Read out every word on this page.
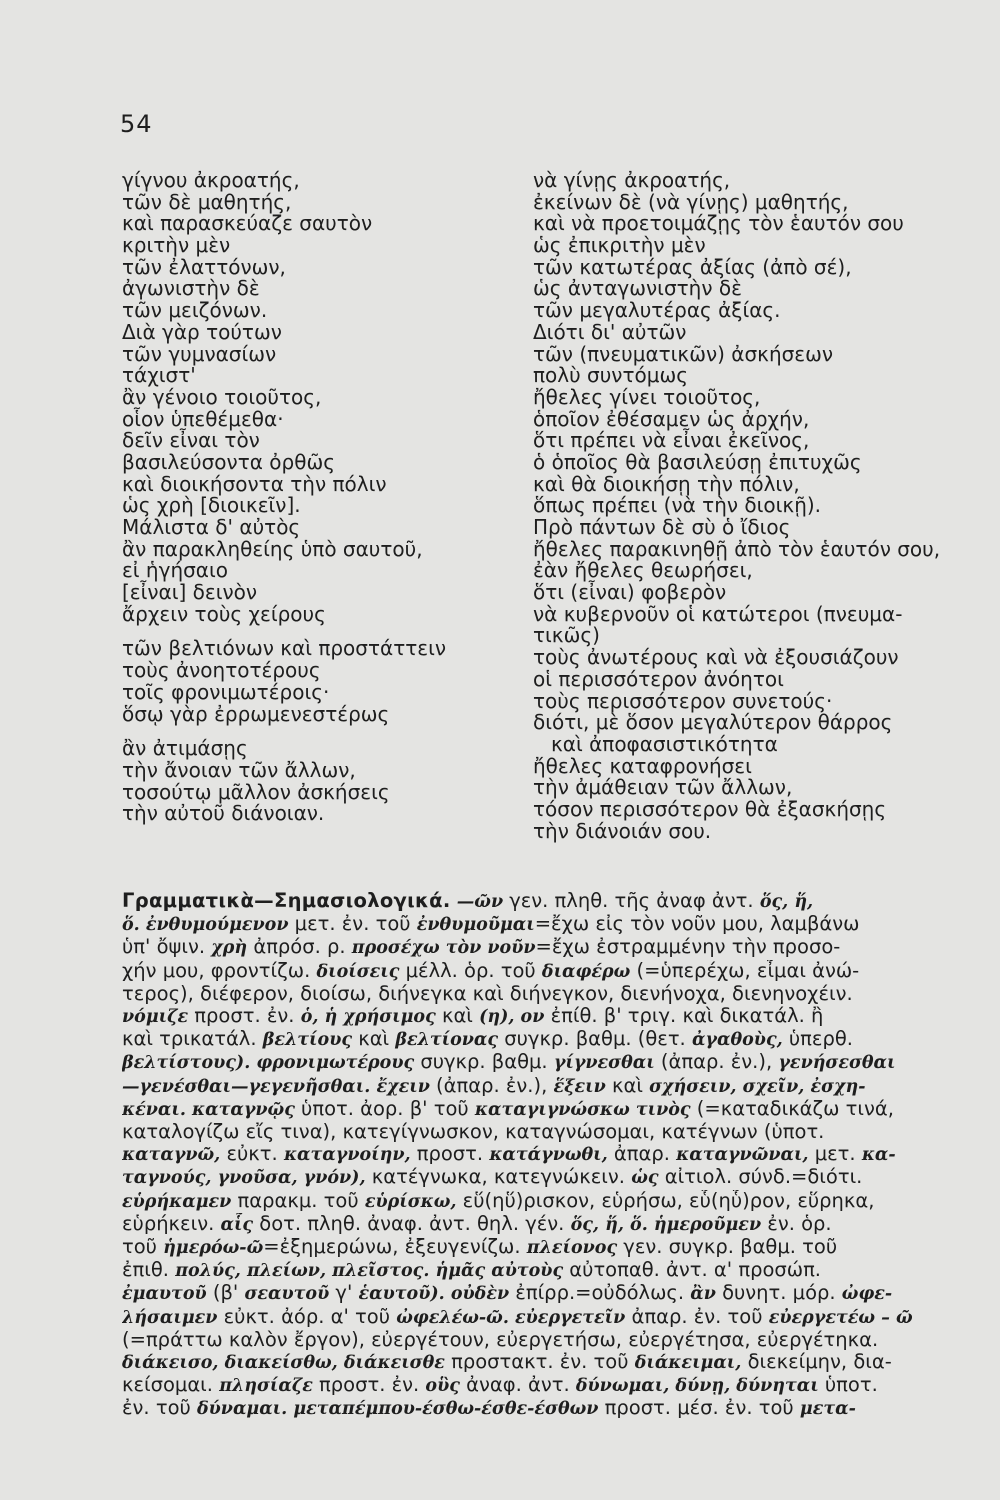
54
γίγνου ἀκροατής,
τῶν δὲ μαθητής,
καὶ παρασκεύαζε σαυτὸν
κριτὴν μὲν
τῶν ἐλαττόνων,
ἀγωνιστὴν δὲ
τῶν μειζόνων.
Διὰ γὰρ τούτων
τῶν γυμνασίων
τάχιστ'
ἂν γένοιο τοιοῦτος,
οἷον ὑπεθέμεθα·
δεῖν εἶναι τὸν
βασιλεύσοντα ὀρθῶς
καὶ διοικήσοντα τὴν πόλιν
ὡς χρὴ [διοικεῖν].
Μάλιστα δ' αὐτὸς
ἂν παρακληθείης ὑπὸ σαυτοῦ,
εἰ ἡγήσαιο
[εἶναι] δεινὸν
ἄρχειν τοὺς χείρους
τῶν βελτιόνων καὶ προστάττειν
τοὺς ἀνοητοτέρους
τοῖς φρονιμωτέροις·
ὅσῳ γὰρ ἐρρωμενεστέρως
ἂν ἀτιμάσῃς
τὴν ἄνοιαν τῶν ἄλλων,
τοσούτῳ μᾶλλον ἀσκήσεις
τὴν αὐτοῦ διάνοιαν.
νὰ γίνῃς ἀκροατής,
ἐκείνων δὲ (νὰ γίνῃς) μαθητής,
καὶ νὰ προετοιμάζῃς τὸν ἑαυτόν σου
ὡς ἐπικριτὴν μὲν
τῶν κατωτέρας ἀξίας (ἀπὸ σέ),
ὡς ἀνταγωνιστὴν δὲ
τῶν μεγαλυτέρας ἀξίας.
Διότι δι' αὐτῶν
τῶν (πνευματικῶν) ἀσκήσεων
πολὺ συντόμως
ἤθελες γίνει τοιοῦτος,
ὁποῖον ἐθέσαμεν ὡς ἀρχήν,
ὅτι πρέπει νὰ εἶναι ἐκεῖνος,
ὁ ὁποῖος θὰ βασιλεύσῃ ἐπιτυχῶς
καὶ θὰ διοικήσῃ τὴν πόλιν,
ὅπως πρέπει (νὰ τὴν διοικῇ).
Πρὸ πάντων δὲ σὺ ὁ ἴδιος
ἤθελες παρακινηθῇ ἀπὸ τὸν ἑαυτόν σου,
ἐὰν ἤθελες θεωρήσει,
ὅτι (εἶναι) φοβερὸν
νὰ κυβερνοῦν οἱ κατώτεροι (πνευμα-
τικῶς)
τοὺς ἀνωτέρους καὶ νὰ ἐξουσιάζουν
οἱ περισσότερον ἀνόητοι
τοὺς περισσότερον συνετούς·
διότι, μὲ ὅσον μεγαλύτερον θάρρος
καὶ ἀποφασιστικότητα
ἤθελες καταφρονήσει
τὴν ἀμάθειαν τῶν ἄλλων,
τόσον περισσότερον θὰ ἐξασκήσῃς
τὴν διάνοιάν σου.
Γραμματικὰ—Σημασιολογικά. —ῶν γεν. πληθ. τῆς ἀναφ ἀντ. ὅς, ἥ,

ὅ. ἐνθυμούμενον μετ. ἐν. τοῦ ἐνθυμοῦμαι=ἔχω εἰς τὸν νοῦν μου, λαμβάνω
ὑπ' ὄψιν. χρὴ ἀπρόσ. ρ. προσέχω τὸν νοῦν=ἔχω ἐστραμμένην τὴν προσο-
χήν μου, φροντίζω. διοίσεις μέλλ. ὁρ. τοῦ διαφέρω (=ὑπερέχω, εἶμαι ἀνώ-
τερος), διέφερον, διοίσω, διήνεγκα καὶ διήνεγκον, διενήνοχα, διενηνοχέιν.
νόμιζε προστ. ἐν. ὁ, ἡ χρήσιμος καὶ (η), ον ἐπίθ. β' τριγ. καὶ δικατάλ. ἢ
καὶ τρικατάλ. βελτίους καὶ βελτίονας συγκρ. βαθμ. (θετ. ἀγαθοὺς, ὑπερθ.
βελτίστους). φρονιμωτέρους συγκρ. βαθμ. γίγνεσθαι (ἀπαρ. ἐν.), γενήσεσθαι
—γενέσθαι—γεγενῆσθαι. ἔχειν (ἀπαρ. ἐν.), ἕξειν καὶ σχήσειν, σχεῖν, ἐσχη-
κέναι. καταγνῷς ὑποτ. ἀορ. β' τοῦ καταγιγνώσκω τινὸς (=καταδικάζω τινά,
καταλογίζω εἴς τινα), κατεγίγνωσκον, καταγνώσομαι, κατέγνων (ὑποτ.
καταγνῶ, εὐκτ. καταγνοίην, προστ. κατάγνωθι, ἀπαρ. καταγνῶναι, μετ. κα-
ταγνούς, γνοῦσα, γνόν), κατέγνωκα, κατεγνώκειν. ὡς αἰτιολ. σύνδ.=διότι.
εὑρήκαμεν παρακμ. τοῦ εὑρίσκω, εὕ(ηὕ)ρισκον, εὑρήσω, εὗ(ηὗ)ρον, εὕρηκα,
εὑρήκειν. αἷς δοτ. πληθ. ἀναφ. ἀντ. θηλ. γέν. ὅς, ἥ, ὅ. ἡμεροῦμεν ἐν. ὁρ.
τοῦ ἡμερόω-ῶ=ἐξημερώνω, ἐξευγενίζω. πλείονος γεν. συγκρ. βαθμ. τοῦ
ἐπιθ. πολύς, πλείων, πλεῖστος. ἡμᾶς αὐτοὺς αὐτοπαθ. ἀντ. α' προσώπ.
ἐμαυτοῦ (β' σεαυτοῦ γ' ἑαυτοῦ). οὐδὲν ἐπίρρ.=οὐδόλως. ἂν δυνητ. μόρ. ὠφε-
λήσαιμεν εὐκτ. ἀόρ. α' τοῦ ὠφελέω-ῶ. εὐεργετεῖν ἀπαρ. ἐν. τοῦ εὐεργετέω – ῶ
(=πράττω καλὸν ἔργον), εὐεργέτουν, εὐεργετήσω, εὐεργέτησα, εὐεργέτηκα.
διάκεισο, διακείσθω, διάκεισθε προστακτ. ἐν. τοῦ διάκειμαι, διεκείμην, δια-
κείσομαι. πλησίαζε προστ. ἐν. οὓς ἀναφ. ἀντ. δύνωμαι, δύνῃ, δύνηται ὑποτ.
ἐν. τοῦ δύναμαι. μεταπέμπου-έσθω-έσθε-έσθων προστ. μέσ. ἐν. τοῦ μετα-
